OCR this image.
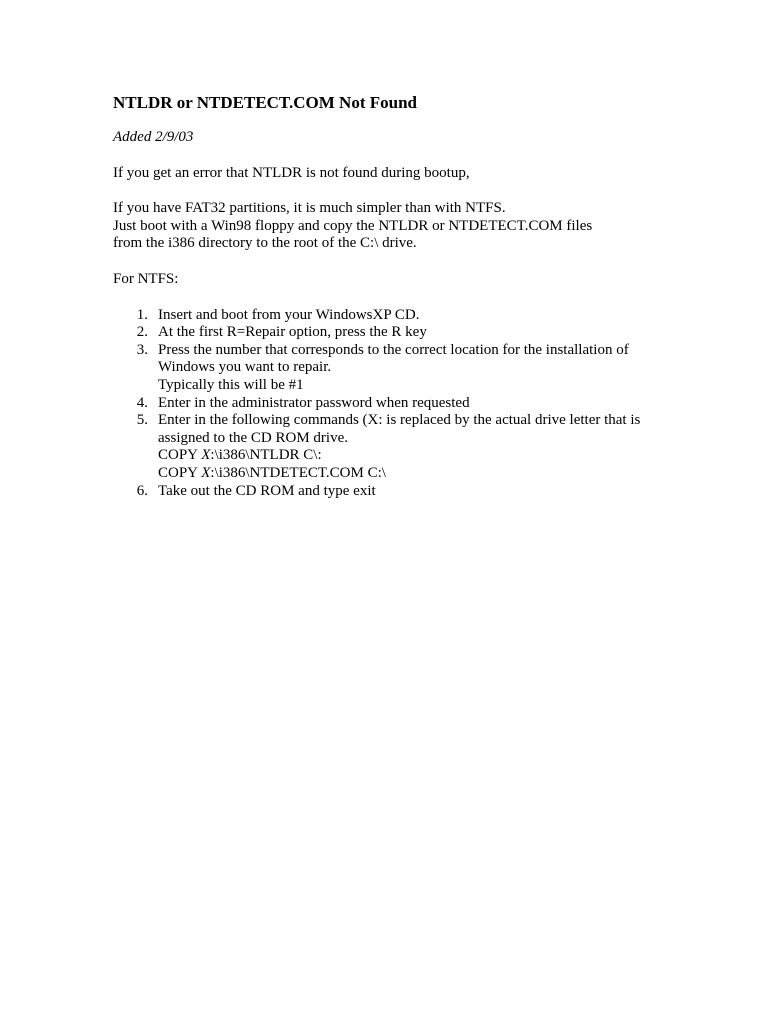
NTLDR or NTDETECT.COM Not Found

Added 2/9/03

If you get an error that NTLDR is not found during bootup,

If you have FAT32 partitions, it is much simpler than with NTFS.
Just boot with a Win98 floppy and copy the NTLDR or NTDETECT.COM files
from the i386 directory to the root of the C:\ drive.

For NTFS:

1. Insert and boot from your WindowsXP CD.
2. At the first R=Repair option, press the R key
3. Press the number that corresponds to the correct location for the installation of Windows you want to repair.
Typically this will be #1
4. Enter in the administrator password when requested
5. Enter in the following commands (X: is replaced by the actual drive letter that is assigned to the CD ROM drive.
COPY X:\i386\NTLDR C\:
COPY X:\i386\NTDETECT.COM C:\
6. Take out the CD ROM and type exit
